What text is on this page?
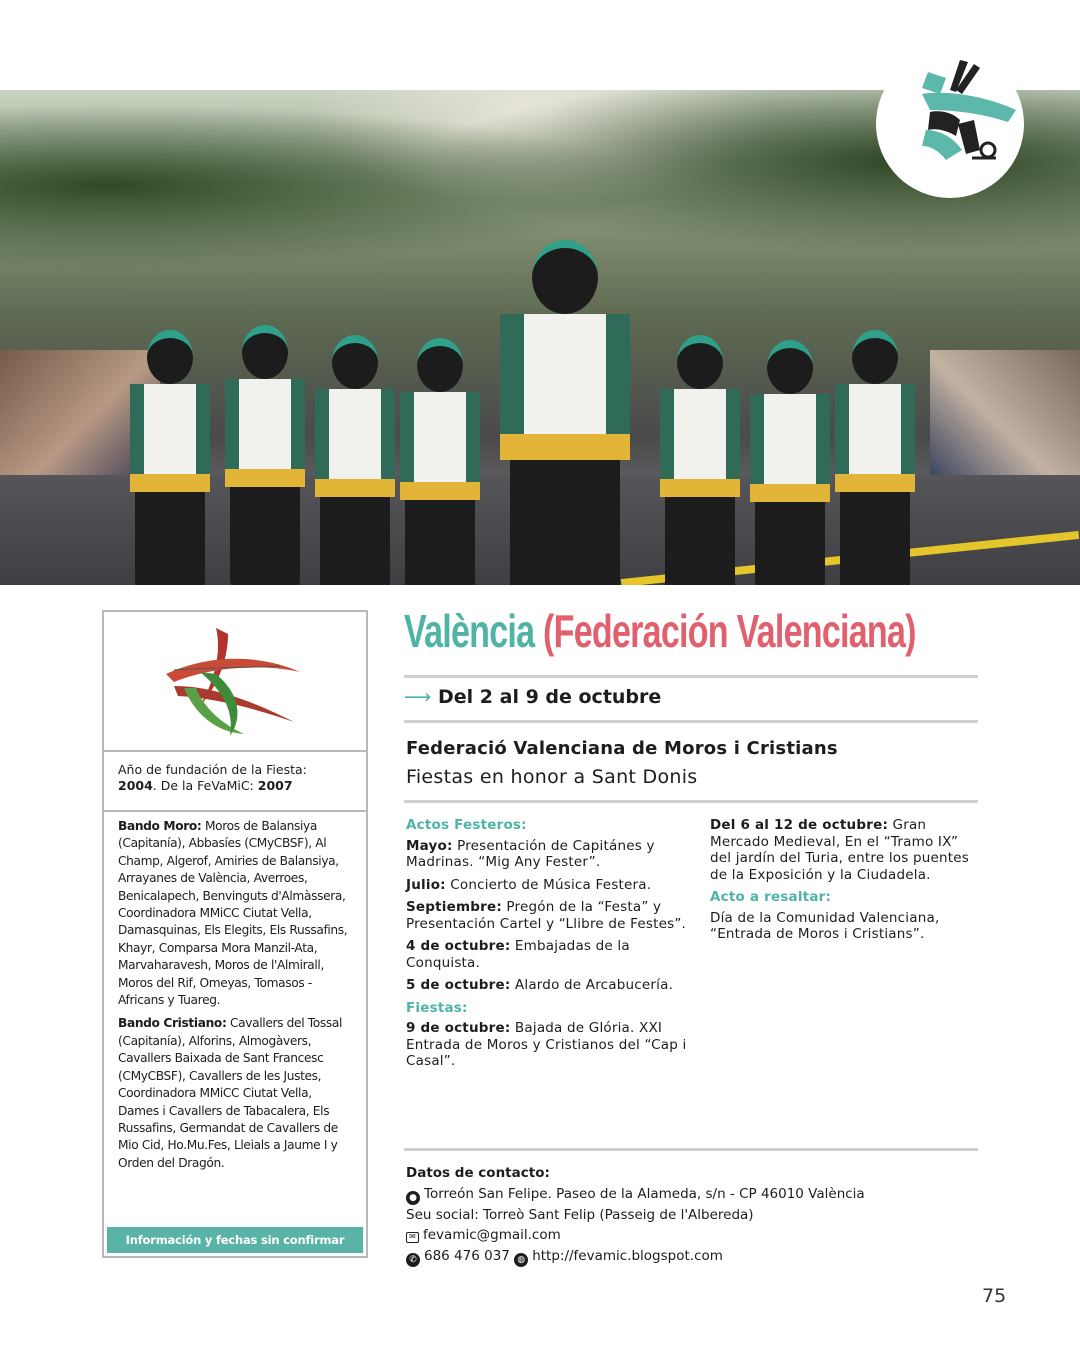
Año de fundación de la Fiesta:
2004. De la FeVaMiC: 2007

Bando Moro: Moros de Balansiya (Capitanía), Abbasíes (CMyCBSF), Al Champ, Algerof, Amiries de Balansiya, Arrayanes de València, Averroes, Benicalapech, Benvinguts d'Almàssera, Coordinadora MMiCC Ciutat Vella, Damasquinas, Els Elegits, Els Russafins, Khayr, Comparsa Mora Manzil-Ata, Marvaharavesh, Moros de l'Almirall, Moros del Rif, Omeyas, Tomasos - Africans y Tuareg.

Bando Cristiano: Cavallers del Tossal (Capitanía), Alforins, Almogàvers, Cavallers Baixada de Sant Francesc (CMyCBSF), Cavallers de les Justes, Coordinadora MMiCC Ciutat Vella, Dames i Cavallers de Tabacalera, Els Russafins, Germandat de Cavallers de Mio Cid, Ho.Mu.Fes, Lleials a Jaume I y Orden del Dragón.

Información y fechas sin confirmar
València (Federación Valenciana)
⟶ Del 2 al 9 de octubre
Federació Valenciana de Moros i Cristians
Fiestas en honor a Sant Donis
Actos Festeros:

Mayo: Presentación de Capitánes y Madrinas. “Mig Any Fester”.

Julio: Concierto de Música Festera.

Septiembre: Pregón de la “Festa” y Presentación Cartel y “Llibre de Festes”.

4 de octubre: Embajadas de la Conquista.

5 de octubre: Alardo de Arcabucería.

Fiestas:

9 de octubre: Bajada de Glória. XXI Entrada de Moros y Cristianos del “Cap i Casal”.

Del 6 al 12 de octubre: Gran Mercado Medieval, En el “Tramo IX” del jardín del Turia, entre los puentes de la Exposición y la Ciudadela.

Acto a resaltar:

Día de la Comunidad Valenciana, “Entrada de Moros i Cristians”.

Datos de contacto:
● Torreón San Felipe. Paseo de la Alameda, s/n - CP 46010 València
Seu social: Torreò Sant Felip (Passeig de l'Albereda)
✉ fevamic@gmail.com
✆ 686 476 037 ◍ http://fevamic.blogspot.com
75
